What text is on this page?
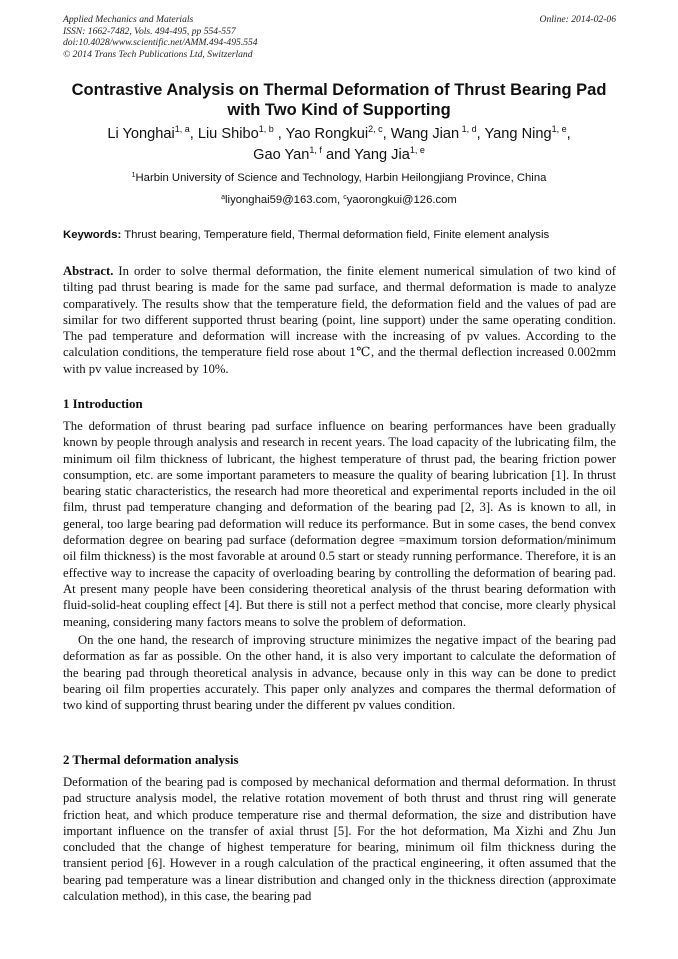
Applied Mechanics and Materials
ISSN: 1662-7482, Vols. 494-495, pp 554-557
doi:10.4028/www.scientific.net/AMM.494-495.554
© 2014 Trans Tech Publications Ltd, Switzerland
Online: 2014-02-06
Contrastive Analysis on Thermal Deformation of Thrust Bearing Pad with Two Kind of Supporting
Li Yonghai$^{1, a}$, Liu Shibo$^{1, b}$ , Yao Rongkui$^{2, c}$, Wang Jian $^{1, d}$, Yang Ning$^{1, e}$,
Gao Yan$^{1, f}$ and Yang Jia$^{1, e}$
$^1$Harbin University of Science and Technology, Harbin Heilongjiang Province, China
$^a$liyonghai59@163.com, $^c$yaorongkui@126.com
Keywords: Thrust bearing, Temperature field, Thermal deformation field, Finite element analysis
Abstract. In order to solve thermal deformation, the finite element numerical simulation of two kind of tilting pad thrust bearing is made for the same pad surface, and thermal deformation is made to analyze comparatively. The results show that the temperature field, the deformation field and the values of pad are similar for two different supported thrust bearing (point, line support) under the same operating condition. The pad temperature and deformation will increase with the increasing of pv values. According to the calculation conditions, the temperature field rose about 1℃, and the thermal deflection increased 0.002mm with pv value increased by 10%.
1 Introduction
The deformation of thrust bearing pad surface influence on bearing performances have been gradually known by people through analysis and research in recent years. The load capacity of the lubricating film, the minimum oil film thickness of lubricant, the highest temperature of thrust pad, the bearing friction power consumption, etc. are some important parameters to measure the quality of bearing lubrication [1]. In thrust bearing static characteristics, the research had more theoretical and experimental reports included in the oil film, thrust pad temperature changing and deformation of the bearing pad [2, 3]. As is known to all, in general, too large bearing pad deformation will reduce its performance. But in some cases, the bend convex deformation degree on bearing pad surface (deformation degree =maximum torsion deformation/minimum oil film thickness) is the most favorable at around 0.5 start or steady running performance. Therefore, it is an effective way to increase the capacity of overloading bearing by controlling the deformation of bearing pad. At present many people have been considering theoretical analysis of the thrust bearing deformation with fluid-solid-heat coupling effect [4]. But there is still not a perfect method that concise, more clearly physical meaning, considering many factors means to solve the problem of deformation.
On the one hand, the research of improving structure minimizes the negative impact of the bearing pad deformation as far as possible. On the other hand, it is also very important to calculate the deformation of the bearing pad through theoretical analysis in advance, because only in this way can be done to predict bearing oil film properties accurately. This paper only analyzes and compares the thermal deformation of two kind of supporting thrust bearing under the different pv values condition.
2 Thermal deformation analysis
Deformation of the bearing pad is composed by mechanical deformation and thermal deformation. In thrust pad structure analysis model, the relative rotation movement of both thrust and thrust ring will generate friction heat, and which produce temperature rise and thermal deformation, the size and distribution have important influence on the transfer of axial thrust [5]. For the hot deformation, Ma Xizhi and Zhu Jun concluded that the change of highest temperature for bearing, minimum oil film thickness during the transient period [6]. However in a rough calculation of the practical engineering, it often assumed that the bearing pad temperature was a linear distribution and changed only in the thickness direction (approximate calculation method), in this case, the bearing pad
